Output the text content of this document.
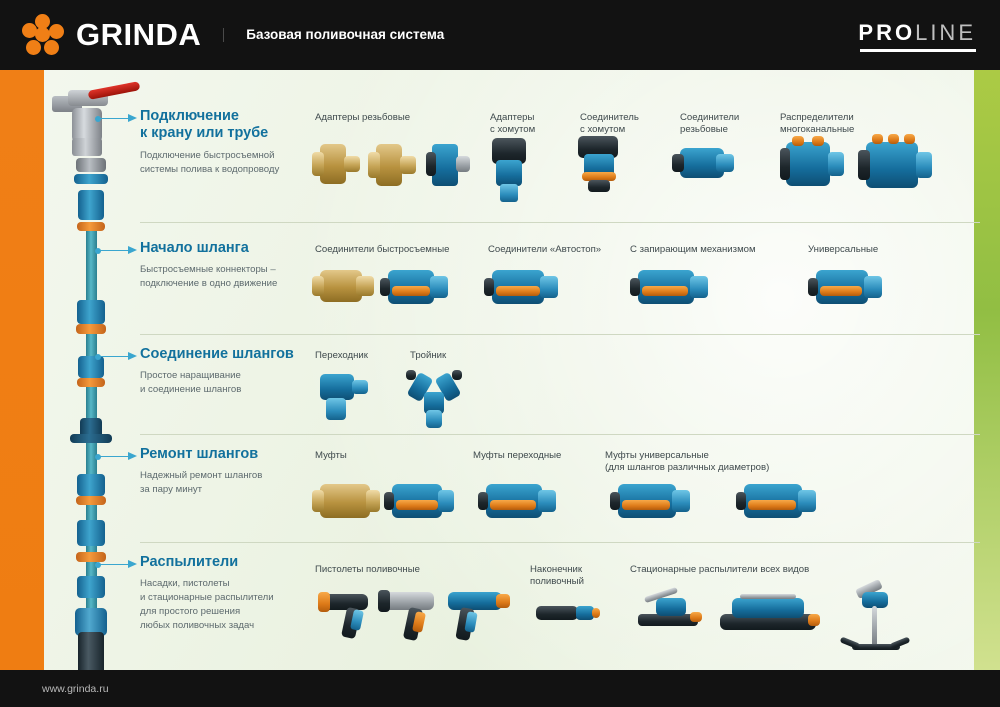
GRINDA	Базовая поливочная система	PROLINE
Подключение
к крану или трубе
Подключение быстросъемной
системы полива к водопроводу
Адаптеры резьбовые	Адаптеры
с хомутом
Соединитель
с хомутом
Соединители
резьбовые
Распределители
многоканальные
Начало шланга
Быстросъемные коннекторы –
подключение в одно движение
Соединители быстросъемные	Соединители «Автостоп»	С запирающим механизмом	Универсальные
Соединение шлангов
Простое наращивание
и соединение шлангов
Переходник	Тройник
Ремонт шлангов
Надежный ремонт шлангов
за пару минут
Муфты	Муфты переходные	Муфты универсальные
(для шлангов различных диаметров)
Распылители
Насадки, пистолеты
и стационарные распылители
для простого решения
любых поливочных задач
Пистолеты поливочные	Наконечник
поливочный
Стационарные распылители всех видов
www.grinda.ru
